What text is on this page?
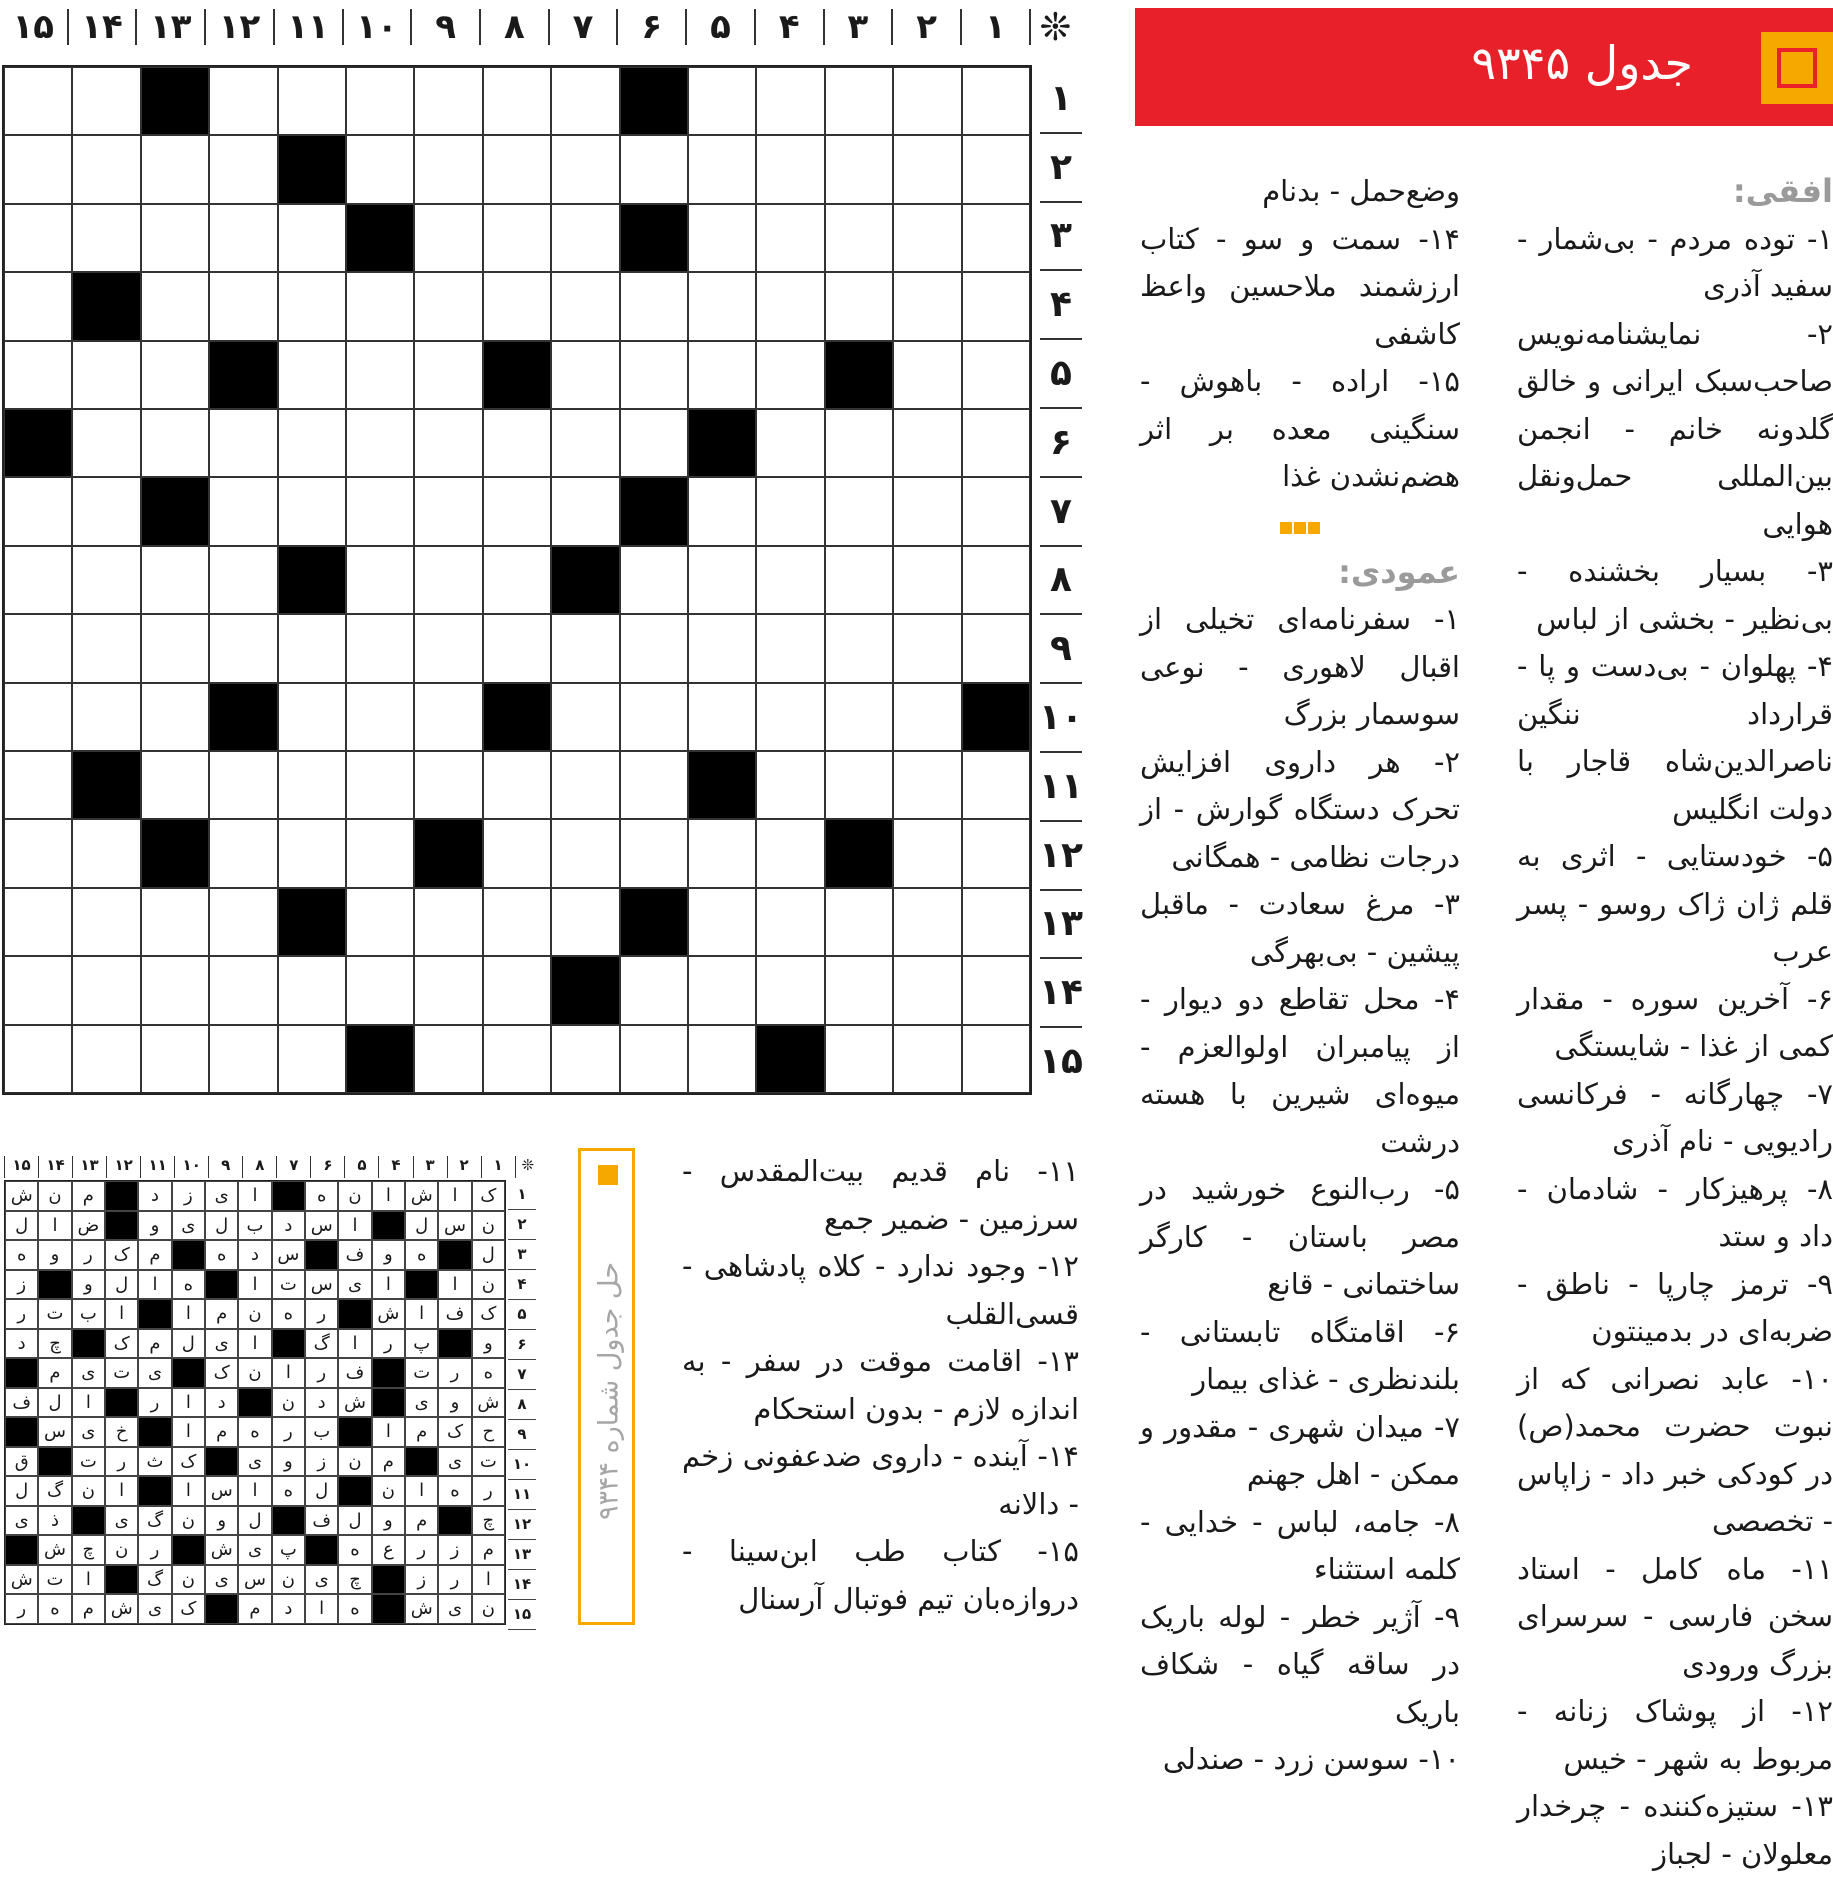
❊
۱
۲
۳
۴
۵
۶
۷
۸
۹
۱۰
۱۱
۱۲
۱۳
۱۴
۱۵
۱
۲
۳
۴
۵
۶
۷
۸
۹
۱۰
۱۱
۱۲
۱۳
۱۴
۱۵
جدول ۹۳۴۵

افقی:

۱- توده مردم - بی‌شمار - سفید آذری

۲- نمایشنامه‌نویس صاحب‌سبک ایرانی و خالق گلدونه خانم - انجمن بین‌المللی حمل‌ونقل هوایی

۳- بسیار بخشنده - بی‌نظیر - بخشی از لباس

۴- پهلوان - بی‌دست و پا - قرارداد ننگین ناصرالدین‌شاه قاجار با دولت انگلیس

۵- خودستایی - اثری به قلم ژان ژاک روسو - پسر عرب

۶- آخرین سوره - مقدار کمی از غذا - شایستگی

۷- چهارگانه - فرکانسی رادیویی - نام آذری

۸- پرهیزکار - شادمان - داد و ستد

۹- ترمز چارپا - ناطق - ضربه‌ای در بدمینتون

۱۰- عابد نصرانی که از نبوت حضرت محمد(ص) در کودکی خبر داد - زاپاس - تخصصی

۱۱- ماه کامل - استاد سخن فارسی - سرسرای بزرگ ورودی

۱۲- از پوشاک زنانه - مربوط به شهر - خیس

۱۳- ستیزه‌کننده - چرخدار معلولان - لجباز

وضع‌حمل - بدنام

۱۴- سمت و سو - کتاب ارزشمند ملاحسین واعظ کاشفی

۱۵- اراده - باهوش - سنگینی معده بر اثر هضم‌نشدن غذا

عمودی:

۱- سفرنامه‌ای تخیلی از اقبال لاهوری - نوعی سوسمار بزرگ

۲- هر داروی افزایش تحرک دستگاه گوارش - از درجات نظامی - همگانی

۳- مرغ سعادت - ماقبل پیشین - بی‌بهرگی

۴- محل تقاطع دو دیوار - از پیامبران اولوالعزم - میوه‌ای شیرین با هسته درشت

۵- رب‌النوع خورشید در مصر باستان - کارگر ساختمانی - قانع

۶- اقامتگاه تابستانی - بلندنظری - غذای بیمار

۷- میدان شهری - مقدور و ممکن - اهل جهنم

۸- جامه، لباس - خدایی - کلمه استثناء

۹- آژیر خطر - لوله باریک در ساقه گیاه - شکاف باریک

۱۰- سوسن زرد - صندلی

۱۱- نام قدیم بیت‌المقدس - سرزمین - ضمیر جمع

۱۲- وجود ندارد - کلاه پادشاهی - قسی‌القلب

۱۳- اقامت موقت در سفر - به اندازه لازم - بدون استحکام

۱۴- آینده - داروی ضدعفونی زخم - دالانه

۱۵- کتاب طب ابن‌سینا - دروازه‌بان تیم فوتبال آرسنال

❊
۱
۲
۳
۴
۵
۶
۷
۸
۹
۱۰
۱۱
۱۲
۱۳
۱۴
۱۵
ک
ا
ش
ا
ن
ه
ا
ی
ز
د
م
ن
ش
ن
س
ل
ا
س
د
ب
ل
ی
و
ض
ا
ل
ل
ه
و
ف
س
د
ه
م
ک
ر
و
ه
ن
ا
ا
ی
س
ت
ا
ه
ا
ل
و
ز
ک
ف
ا
ش
ر
ه
ن
م
ا
ا
ب
ت
ر
و
پ
ر
ا
گ
ا
ی
ل
م
ک
چ
د
ه
ر
ت
ف
ر
ا
ن
ک
ی
ت
ی
م
ش
و
ی
ش
د
ن
د
ا
ر
ا
ل
ف
ح
ک
م
ا
ب
ر
ه
م
ا
خ
ی
س
ت
ی
م
ن
ز
و
ی
ک
ث
ر
ت
ق
ر
ه
ا
ن
ل
ه
ا
س
ا
ا
ن
گ
ل
چ
م
و
ل
ف
ل
و
ن
گ
ی
ذ
ی
م
ز
ر
ع
ه
پ
ی
ش
ر
ن
چ
ش
ا
ر
ز
چ
ی
ن
س
ی
ن
گ
ا
ت
ش
ن
ی
ش
ه
ا
د
م
ک
ی
ش
م
ه
ر
۱
۲
۳
۴
۵
۶
۷
۸
۹
۱۰
۱۱
۱۲
۱۳
۱۴
۱۵
حل جدول شماره ۹۳۴۴
